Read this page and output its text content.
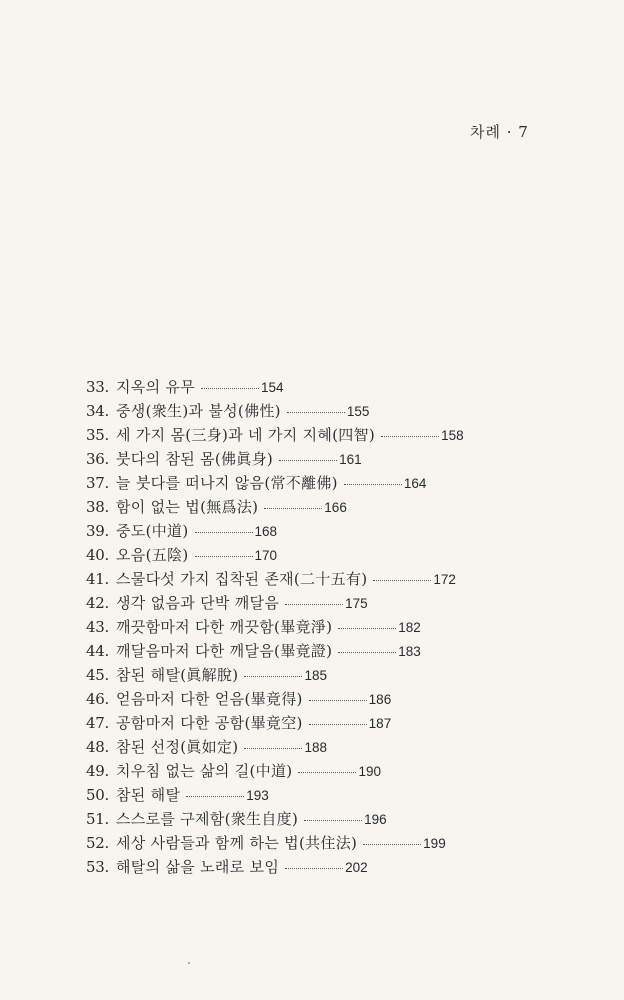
차례 · 7
33. 지옥의 유무	154
34. 중생(衆生)과 불성(佛性)	155
35. 세 가지 몸(三身)과 네 가지 지혜(四智)	158
36. 붓다의 참된 몸(佛眞身)	161
37. 늘 붓다를 떠나지 않음(常不離佛)	164
38. 함이 없는 법(無爲法)	166
39. 중도(中道)	168
40. 오음(五陰)	170
41. 스물다섯 가지 집착된 존재(二十五有)	172
42. 생각 없음과 단박 깨달음	175
43. 깨끗함마저 다한 깨끗함(畢竟淨)	182
44. 깨달음마저 다한 깨달음(畢竟證)	183
45. 참된 해탈(眞解脫)	185
46. 얻음마저 다한 얻음(畢竟得)	186
47. 공함마저 다한 공함(畢竟空)	187
48. 참된 선정(眞如定)	188
49. 치우침 없는 삶의 길(中道)	190
50. 참된 해탈	193
51. 스스로를 구제함(衆生自度)	196
52. 세상 사람들과 함께 하는 법(共住法)	199
53. 해탈의 삶을 노래로 보임	202
